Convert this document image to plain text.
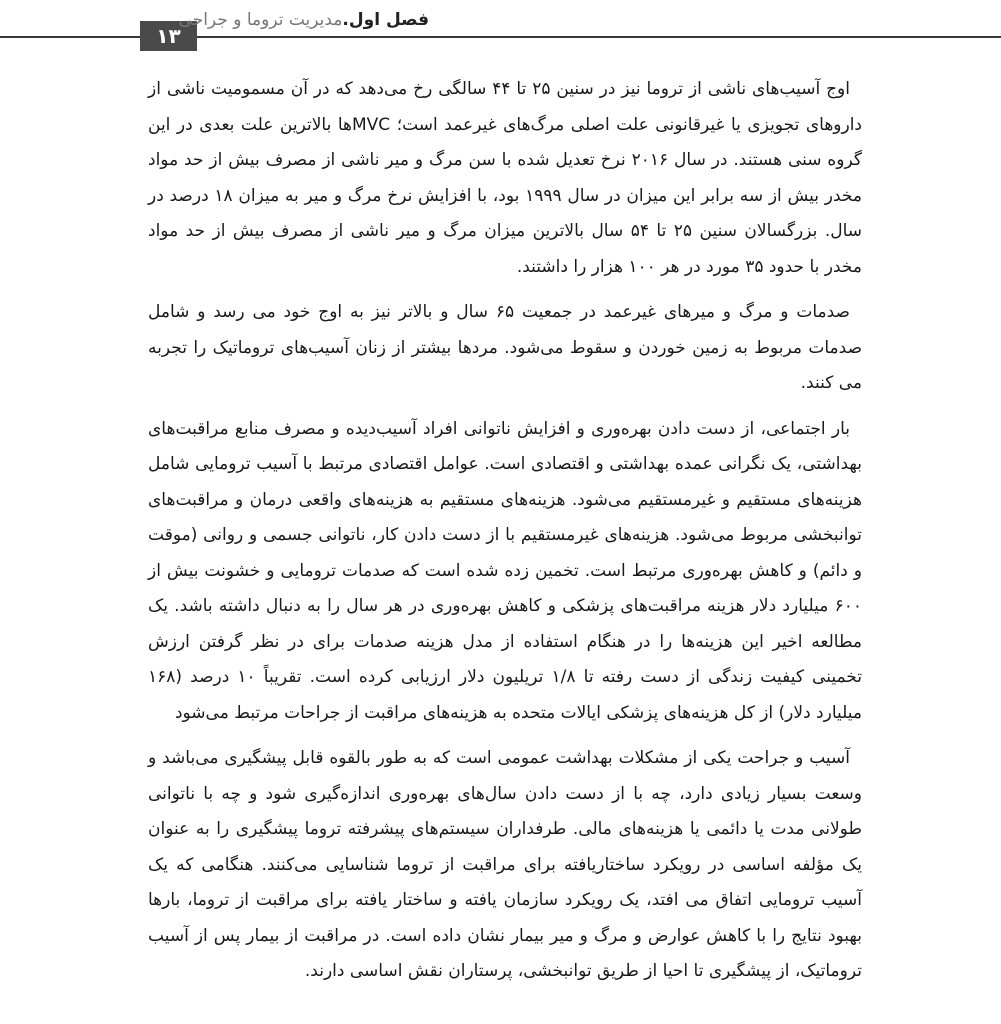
۱۳
فصل اول.مدیریت تروما و جراحی

اوج آسیب‌های ناشی از تروما نیز در سنین ۲۵ تا ۴۴ سالگی رخ می‌دهد که در آن مسمومیت ناشی از داروهای تجویزی یا غیرقانونی علت اصلی مرگ‌های غیرعمد است؛ MVCها بالاترین علت بعدی در این گروه سنی هستند. در سال ۲۰۱۶ نرخ تعدیل شده با سن مرگ و میر ناشی از مصرف بیش از حد مواد مخدر بیش از سه برابر این میزان در سال ۱۹۹۹ بود، با افزایش نرخ مرگ و میر به میزان ۱۸ درصد در سال. بزرگسالان سنین ۲۵ تا ۵۴ سال بالاترین میزان مرگ و میر ناشی از مصرف بیش از حد مواد مخدر با حدود ۳۵ مورد در هر ۱۰۰ هزار را داشتند.

صدمات و مرگ و میرهای غیرعمد در جمعیت ۶۵ سال و بالاتر نیز به اوج خود می رسد و شامل صدمات مربوط به زمین خوردن و سقوط می‌شود. مردها بیشتر از زنان آسیب‌های تروماتیک را تجربه می کنند.

بار اجتماعی، از دست دادن بهره‌وری و افزایش ناتوانی افراد آسیب‌دیده و مصرف منابع مراقبت‌های بهداشتی، یک نگرانی عمده بهداشتی و اقتصادی است. عوامل اقتصادی مرتبط با آسیب ترومایی شامل هزینه‌های مستقیم و غیرمستقیم می‌شود. هزینه‌های مستقیم به هزینه‌های واقعی درمان و مراقبت‌های توانبخشی مربوط می‌شود. هزینه‌های غیرمستقیم با از دست دادن کار، ناتوانی جسمی و روانی (موقت و دائم) و کاهش بهره‌وری مرتبط است. تخمین زده شده است که صدمات ترومایی و خشونت بیش از ۶۰۰ میلیارد دلار هزینه مراقبت‌های پزشکی و کاهش بهره‌وری در هر سال را به دنبال داشته باشد. یک مطالعه اخیر این هزینه‌ها را در هنگام استفاده از مدل هزینه صدمات برای در نظر گرفتن ارزش تخمینی کیفیت زندگی از دست رفته تا ۱/۸ تریلیون دلار ارزیابی کرده است. تقریباً ۱۰ درصد (۱۶۸ میلیارد دلار) از کل هزینه‌های پزشکی ایالات متحده به هزینه‌های مراقبت از جراحات مرتبط می‌شود

آسیب و جراحت یکی از مشکلات بهداشت عمومی است که به طور بالقوه قابل پیشگیری می‌باشد و وسعت بسیار زیادی دارد، چه با از دست دادن سال‌های بهره‌وری اندازه‌گیری شود و چه با ناتوانی طولانی مدت یا دائمی یا هزینه‌های مالی. طرفداران سیستم‌های پیشرفته تروما پیشگیری را به عنوان یک مؤلفه اساسی در رویکرد ساختاریافته برای مراقبت از تروما شناسایی می‌کنند. هنگامی که یک آسیب ترومایی اتفاق می افتد، یک رویکرد سازمان یافته و ساختار یافته برای مراقبت از تروما، بارها بهبود نتایج را با کاهش عوارض و مرگ و میر بیمار نشان داده است. در مراقبت از بیمار پس از آسیب تروماتیک، از پیشگیری تا احیا از طریق توانبخشی، پرستاران نقش اساسی دارند.
